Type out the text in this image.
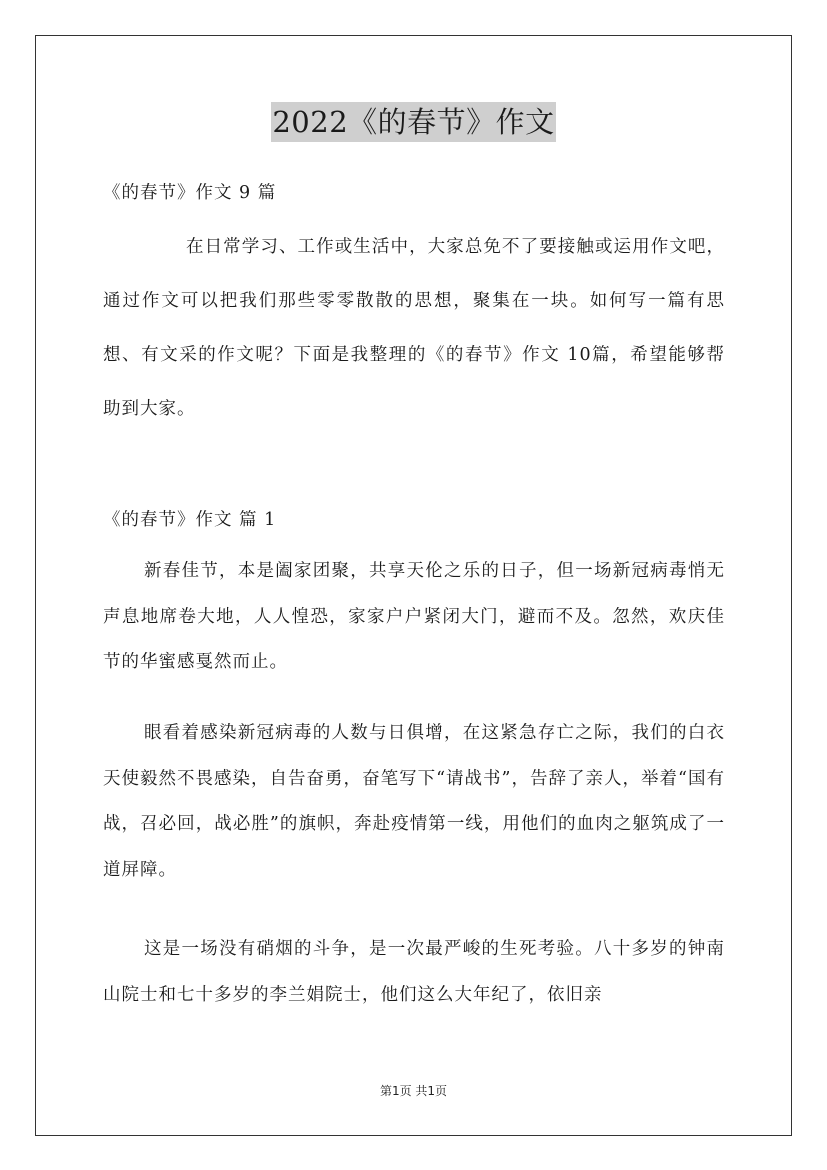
2022《的春节》作文

《的春节》作文 9 篇

在日常学习、工作或生活中，大家总免不了要接触或运用作文吧，通过作文可以把我们那些零零散散的思想，聚集在一块。如何写一篇有思想、有文采的作文呢？下面是我整理的《的春节》作文 10篇，希望能够帮助到大家。

《的春节》作文 篇 1

新春佳节，本是阖家团聚，共享天伦之乐的日子，但一场新冠病毒悄无声息地席卷大地，人人惶恐，家家户户紧闭大门，避而不及。忽然，欢庆佳节的华蜜感戛然而止。

眼看着感染新冠病毒的人数与日俱增，在这紧急存亡之际，我们的白衣天使毅然不畏感染，自告奋勇，奋笔写下“请战书”，告辞了亲人，举着“国有战，召必回，战必胜”的旗帜，奔赴疫情第一线，用他们的血肉之躯筑成了一道屏障。

这是一场没有硝烟的斗争，是一次最严峻的生死考验。八十多岁的钟南山院士和七十多岁的李兰娟院士，他们这么大年纪了，依旧亲

第1页 共1页
